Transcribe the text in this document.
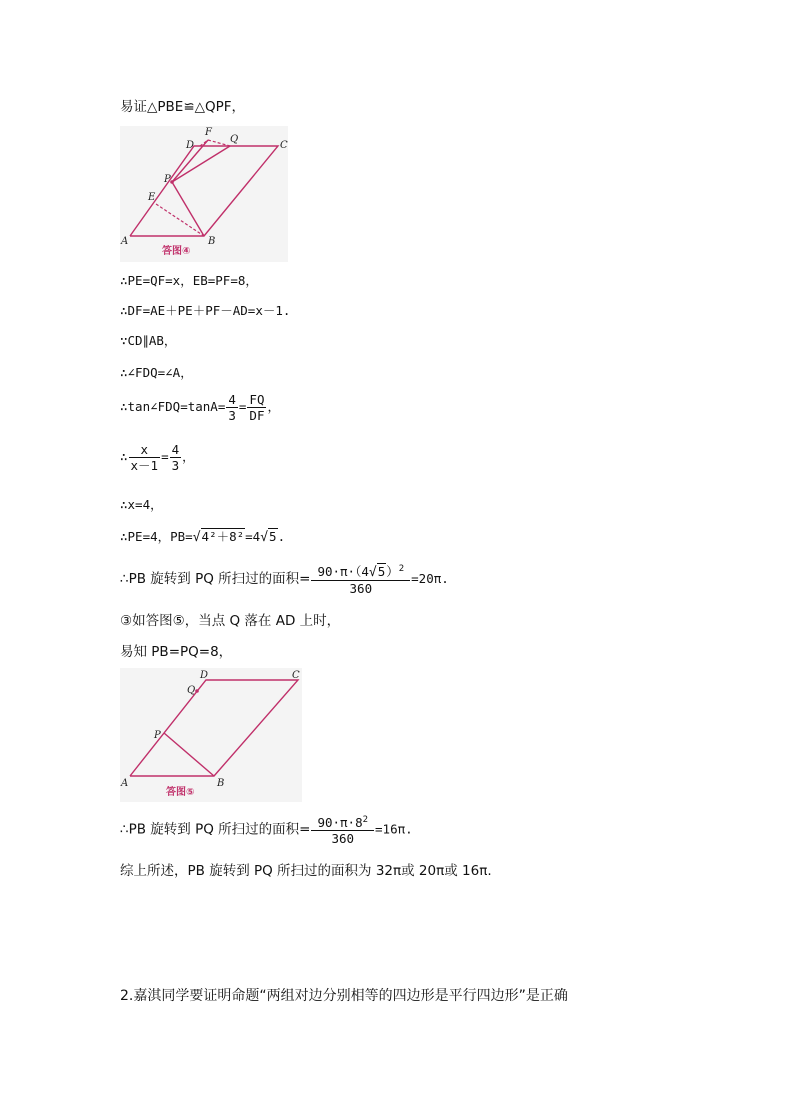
易证△PBE≌△QPF，
F
Q
D	C
P
E
A	B
答图④
∴PE=QF=x，EB=PF=8，
∴DF=AE＋PE＋PF－AD=x－1.
∵CD∥AB，
∴∠FDQ=∠A，
∴tan∠FDQ=tanA= $\frac{4}{3} = \frac{FQ}{DF}$ ，
∴ $\frac{x}{x-1} = \frac{4}{3}$ ，
∴x=4，
∴PE=4，PB=√4²＋8²=4√5.
∴PB 旋转到 PQ 所扫过的面积= $\frac{90\cdot\pi\cdot(4√5)^2}{360} =20\pi$.
③如答图⑤，当点 Q 落在 AD 上时，
易知 PB=PQ=8，
D	C
Q
P
A	B
答图⑤
∴PB 旋转到 PQ 所扫过的面积= $\frac{90\cdot\pi\cdot 8^2}{360} =16\pi$.
综上所述，PB 旋转到 PQ 所扫过的面积为 32π或 20π或 16π.
2.嘉淇同学要证明命题“两组对边分别相等的四边形是平行四边形”是正确
